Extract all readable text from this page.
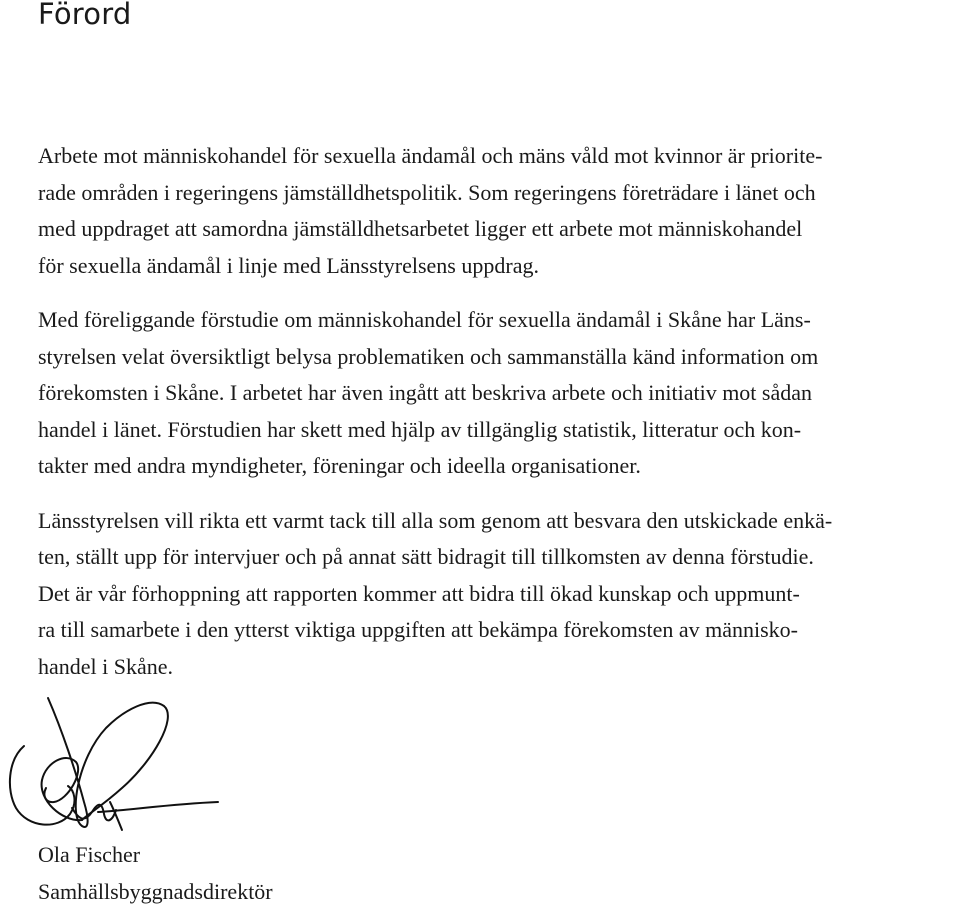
Förord

Arbete mot människohandel för sexuella ändamål och mäns våld mot kvinnor är priorite-
rade områden i regeringens jämställdhetspolitik. Som regeringens företrädare i länet och
med uppdraget att samordna jämställdhetsarbetet ligger ett arbete mot människohandel
för sexuella ändamål i linje med Länsstyrelsens uppdrag.

Med föreliggande förstudie om människohandel för sexuella ändamål i Skåne har Läns-
styrelsen velat översiktligt belysa problematiken och sammanställa känd information om
förekomsten i Skåne. I arbetet har även ingått att beskriva arbete och initiativ mot sådan
handel i länet. Förstudien har skett med hjälp av tillgänglig statistik, litteratur och kon-
takter med andra myndigheter, föreningar och ideella organisationer.

Länsstyrelsen vill rikta ett varmt tack till alla som genom att besvara den utskickade enkä-
ten, ställt upp för intervjuer och på annat sätt bidragit till tillkomsten av denna förstudie.
Det är vår förhoppning att rapporten kommer att bidra till ökad kunskap och uppmunt-
ra till samarbete i den ytterst viktiga uppgiften att bekämpa förekomsten av människo-
handel i Skåne.

Ola Fischer
Samhällsbyggnadsdirektör
